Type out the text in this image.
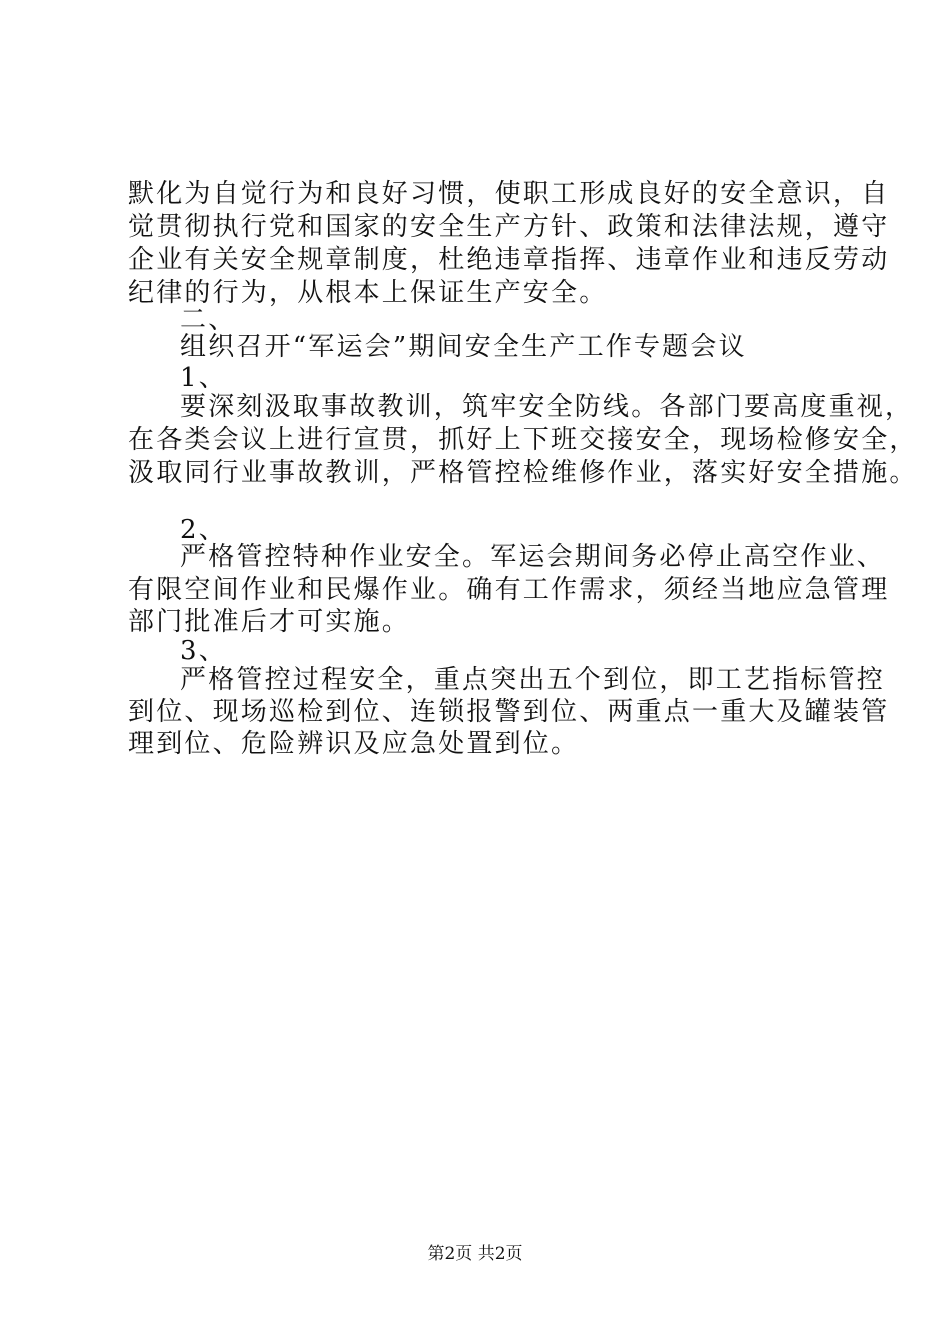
默化为自觉行为和良好习惯，使职工形成良好的安全意识，自
觉贯彻执行党和国家的安全生产方针、政策和法律法规，遵守
企业有关安全规章制度，杜绝违章指挥、违章作业和违反劳动
纪律的行为，从根本上保证生产安全。
二、
组织召开“军运会”期间安全生产工作专题会议
1、
要深刻汲取事故教训，筑牢安全防线。各部门要高度重视，
在各类会议上进行宣贯，抓好上下班交接安全，现场检修安全，
汲取同行业事故教训，严格管控检维修作业，落实好安全措施。
2、
严格管控特种作业安全。军运会期间务必停止高空作业、
有限空间作业和民爆作业。确有工作需求，须经当地应急管理
部门批准后才可实施。
3、
严格管控过程安全，重点突出五个到位，即工艺指标管控
到位、现场巡检到位、连锁报警到位、两重点一重大及罐装管
理到位、危险辨识及应急处置到位。
第2页 共2页
